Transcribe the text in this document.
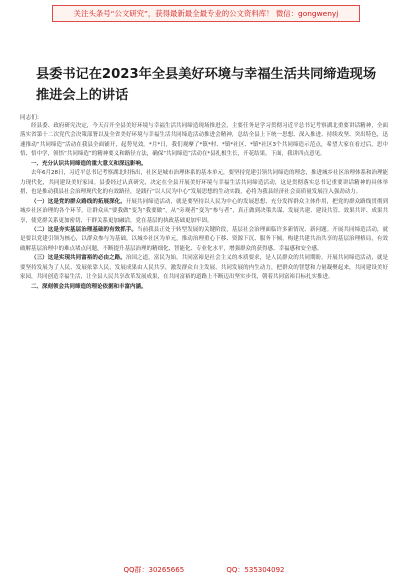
关注头条号“公文研究”，获得最新最全最专业的公文资料库！ 微信：gongwenyj
县委书记在2023年全县美好环境与幸福生活共同缔造现场推进会上的讲话
同志们：

经县委、政府研究决定，今天召开全县美好环境与幸福生活共同缔造现场推进会，主要任务是学习贯彻习近平总书记考察湖北重要讲话精神，全面落实省第十二次党代会决策部署以及全省美好环境与幸福生活共同缔造活动推进会精神，总结全县上下统一思想、深入推进、持续攻坚、突出特色，迅速推动“共同缔造”活动在我县全面铺开，起势见效。*月*日，我们观摩了*镇*村、*镇*社区、*镇*社区3个共同缔造示范点，希望大家在看过后，思中悟、悟中学，领悟“共同缔造”的精神要义和路径方法，确保“共同缔造”活动在*县扎根生长，开花结果。下面，我讲四点意见。

一、充分认识共同缔造的重大意义和深远影响。

去年6月28日，习近平总书记考察湖北时指出，社区是城市治理体系的基本单元，要坚持党建引领共同缔造的理念，推进城乡社区治理体系和治理能力现代化，共同建设美好家园。县委经过认真研究，决定在全县开展美好环境与幸福生活共同缔造活动，这是贯彻落实总书记重要讲话精神的具体举措，也是推动我县社会治理现代化的有效路径，是践行“以人民为中心”发展思想的生动实践，必将为我县经济社会高质量发展注入强劲动力。

（一）这是党的群众路线的拓展深化。开展共同缔造活动，就是要坚持以人民为中心的发展思想，充分发挥群众主体作用，把党的群众路线贯彻到城乡社区治理的各个环节，让群众从“要我做”变为“我要做”，从“旁观者”变为“参与者”，真正做到决策共谋、发展共建、建设共管、效果共评、成果共享，使党群关系更加密切，干群关系更加融洽，党在基层的执政基础更加牢固。

（二）这是夯实基层治理基础的有效抓手。当前我县正处于转型发展的关键阶段，基层社会治理面临许多新情况、新问题。开展共同缔造活动，就是要以党建引领为核心，以群众参与为基础，以城乡社区为单元，推动治理重心下移、资源下沉、服务下倾，构建共建共治共享的基层治理格局，有效破解基层治理中的难点堵点问题，不断提升基层治理的精细化、智能化、专业化水平，增强群众的获得感、幸福感和安全感。

（三）这是实现共同富裕的必由之路。治国之道，富民为始。共同富裕是社会主义的本质要求，是人民群众的共同期盼。开展共同缔造活动，就是要坚持发展为了人民、发展依靠人民、发展成果由人民共享，激发群众自主发展、共同发展的内生动力，把群众的智慧和力量凝聚起来，共同建设美好家园，共同创造幸福生活，让全县人民共享改革发展成果，在共同富裕的道路上不断迈出坚实步伐，朝着共同富裕目标扎实推进。

二、深刻领会共同缔造的理论依据和丰富内涵。

QQ群：30265665	QQ：535304092
